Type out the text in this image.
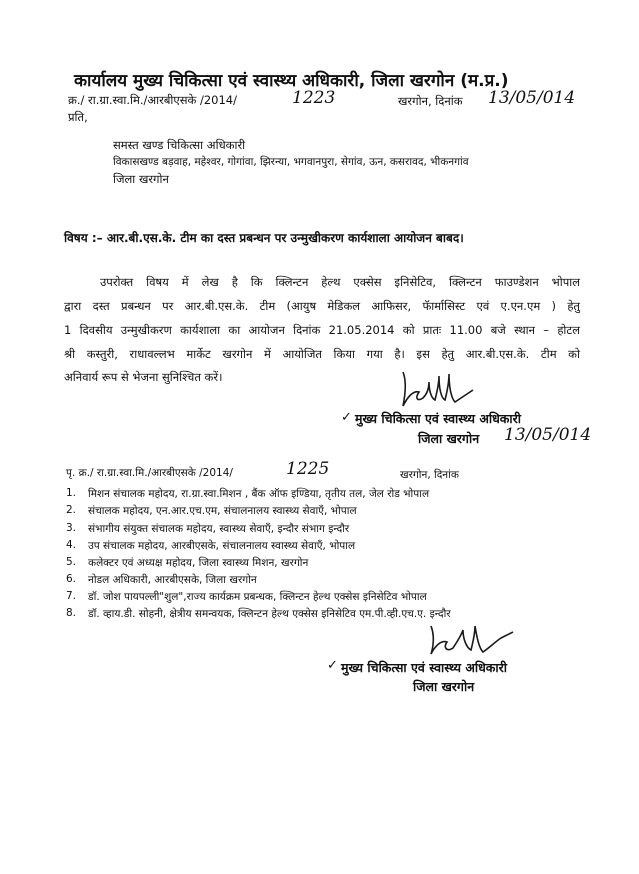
कार्यालय मुख्य चिकित्सा एवं स्वास्थ्य अधिकारी, जिला खरगोन (म.प्र.)
क्र./ रा.ग्रा.स्वा.मि./आरबीएसके /2014/	1223	खरगोन, दिनांक 13/05/014
प्रति,
समस्त खण्ड चिकित्सा अधिकारी
विकासखण्ड बड़वाह, महेश्वर, गोगांवा, झिरन्या, भगवानपुरा, सेगांव, ऊन, कसरावद, भीकनगांव
जिला खरगोन
विषय :– आर.बी.एस.के. टीम का दस्त प्रबन्धन पर उन्मुखीकरण कार्यशाला आयोजन बाबद।
उपरोक्त विषय में लेख है कि क्लिन्टन हेल्थ एक्सेस इनिसेटिव, क्लिन्टन फाउण्डेशन भोपाल
द्वारा दस्त प्रबन्धन पर आर.बी.एस.के. टीम (आयुष मेडिकल आफिसर, फॅार्मासिस्ट एवं ए.एन.एम ) हेतु
1 दिवसीय उन्मुखीकरण कार्यशाला का आयोजन दिनांक 21.05.2014 को प्रातः 11.00 बजे स्थान – होटल
श्री कस्तुरी, राधावल्लभ मार्केट खरगोन में आयोजित किया गया है। इस हेतु आर.बी.एस.के. टीम को
अनिवार्य रूप से भेजना सुनिश्चित करें।
✓ मुख्य चिकित्सा एवं स्वास्थ्य अधिकारी
जिला खरगोन 13/05/014
पृ. क्र./ रा.ग्रा.स्वा.मि./आरबीएसके /2014/	1225	खरगोन, दिनांक
1. मिशन संचालक महोदय, रा.ग्रा.स्वा.मिशन , बैंक ऑफ इण्डिया, तृतीय तल, जेल रोड भोपाल
2. संचालक महोदय, एन.आर.एच.एम, संचालनालय स्वास्थ्य सेवाएँ, भोपाल
3. संभागीय संयुक्त संचालक महोदय, स्वास्थ्य सेवाएँ, इन्दौर संभाग इन्दौर
4. उप संचालक महोदय, आरबीएसके, संचालनालय स्वास्थ्य सेवाएँ, भोपाल
5. कलेक्टर एवं अध्यक्ष महोदय, जिला स्वास्थ्य मिशन, खरगोन
6. नोडल अधिकारी, आरबीएसके, जिला खरगोन
7. डॉ. जोश पायपल्ली"शुल",राज्य कार्यक्रम प्रबन्धक, क्लिन्टन हेल्थ एक्सेस इनिसेटिव भोपाल
8. डॉ. व्हाय.डी. सोहनी, क्षेत्रीय समन्वयक, क्लिन्टन हेल्थ एक्सेस इनिसेटिव एम.पी.व्ही.एच.ए. इन्दौर
✓ मुख्य चिकित्सा एवं स्वास्थ्य अधिकारी
जिला खरगोन
